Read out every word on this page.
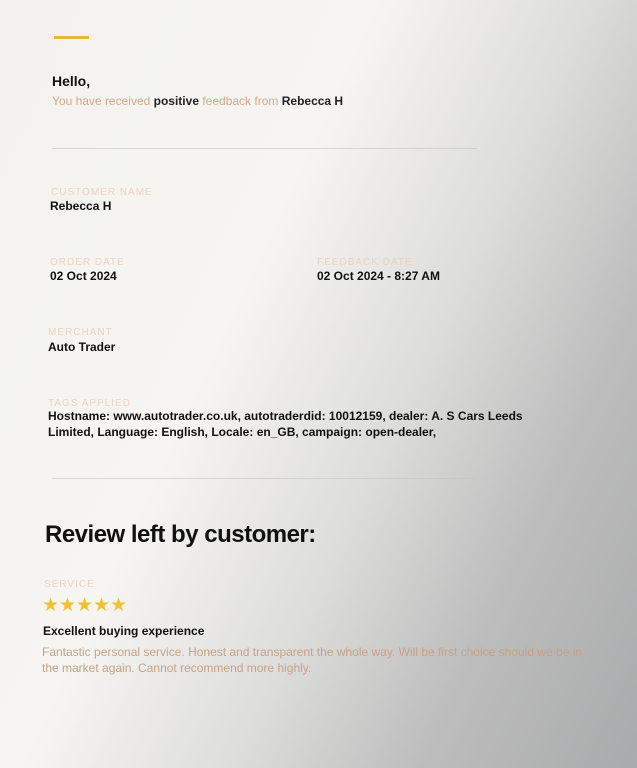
Hello,
You have received positive feedback from Rebecca H
CUSTOMER NAME
Rebecca H
ORDER DATE
02 Oct 2024
FEEDBACK DATE
02 Oct 2024 - 8:27 AM
MERCHANT
Auto Trader
TAGS APPLIED
Hostname: www.autotrader.co.uk, autotraderdid: 10012159, dealer: A. S Cars Leeds Limited, Language: English, Locale: en_GB, campaign: open-dealer,
Review left by customer:
SERVICE
★ ★ ★ ★ ★
Excellent buying experience
Fantastic personal service. Honest and transparent the whole way. Will be first choice should we be in the market again. Cannot recommend more highly.
